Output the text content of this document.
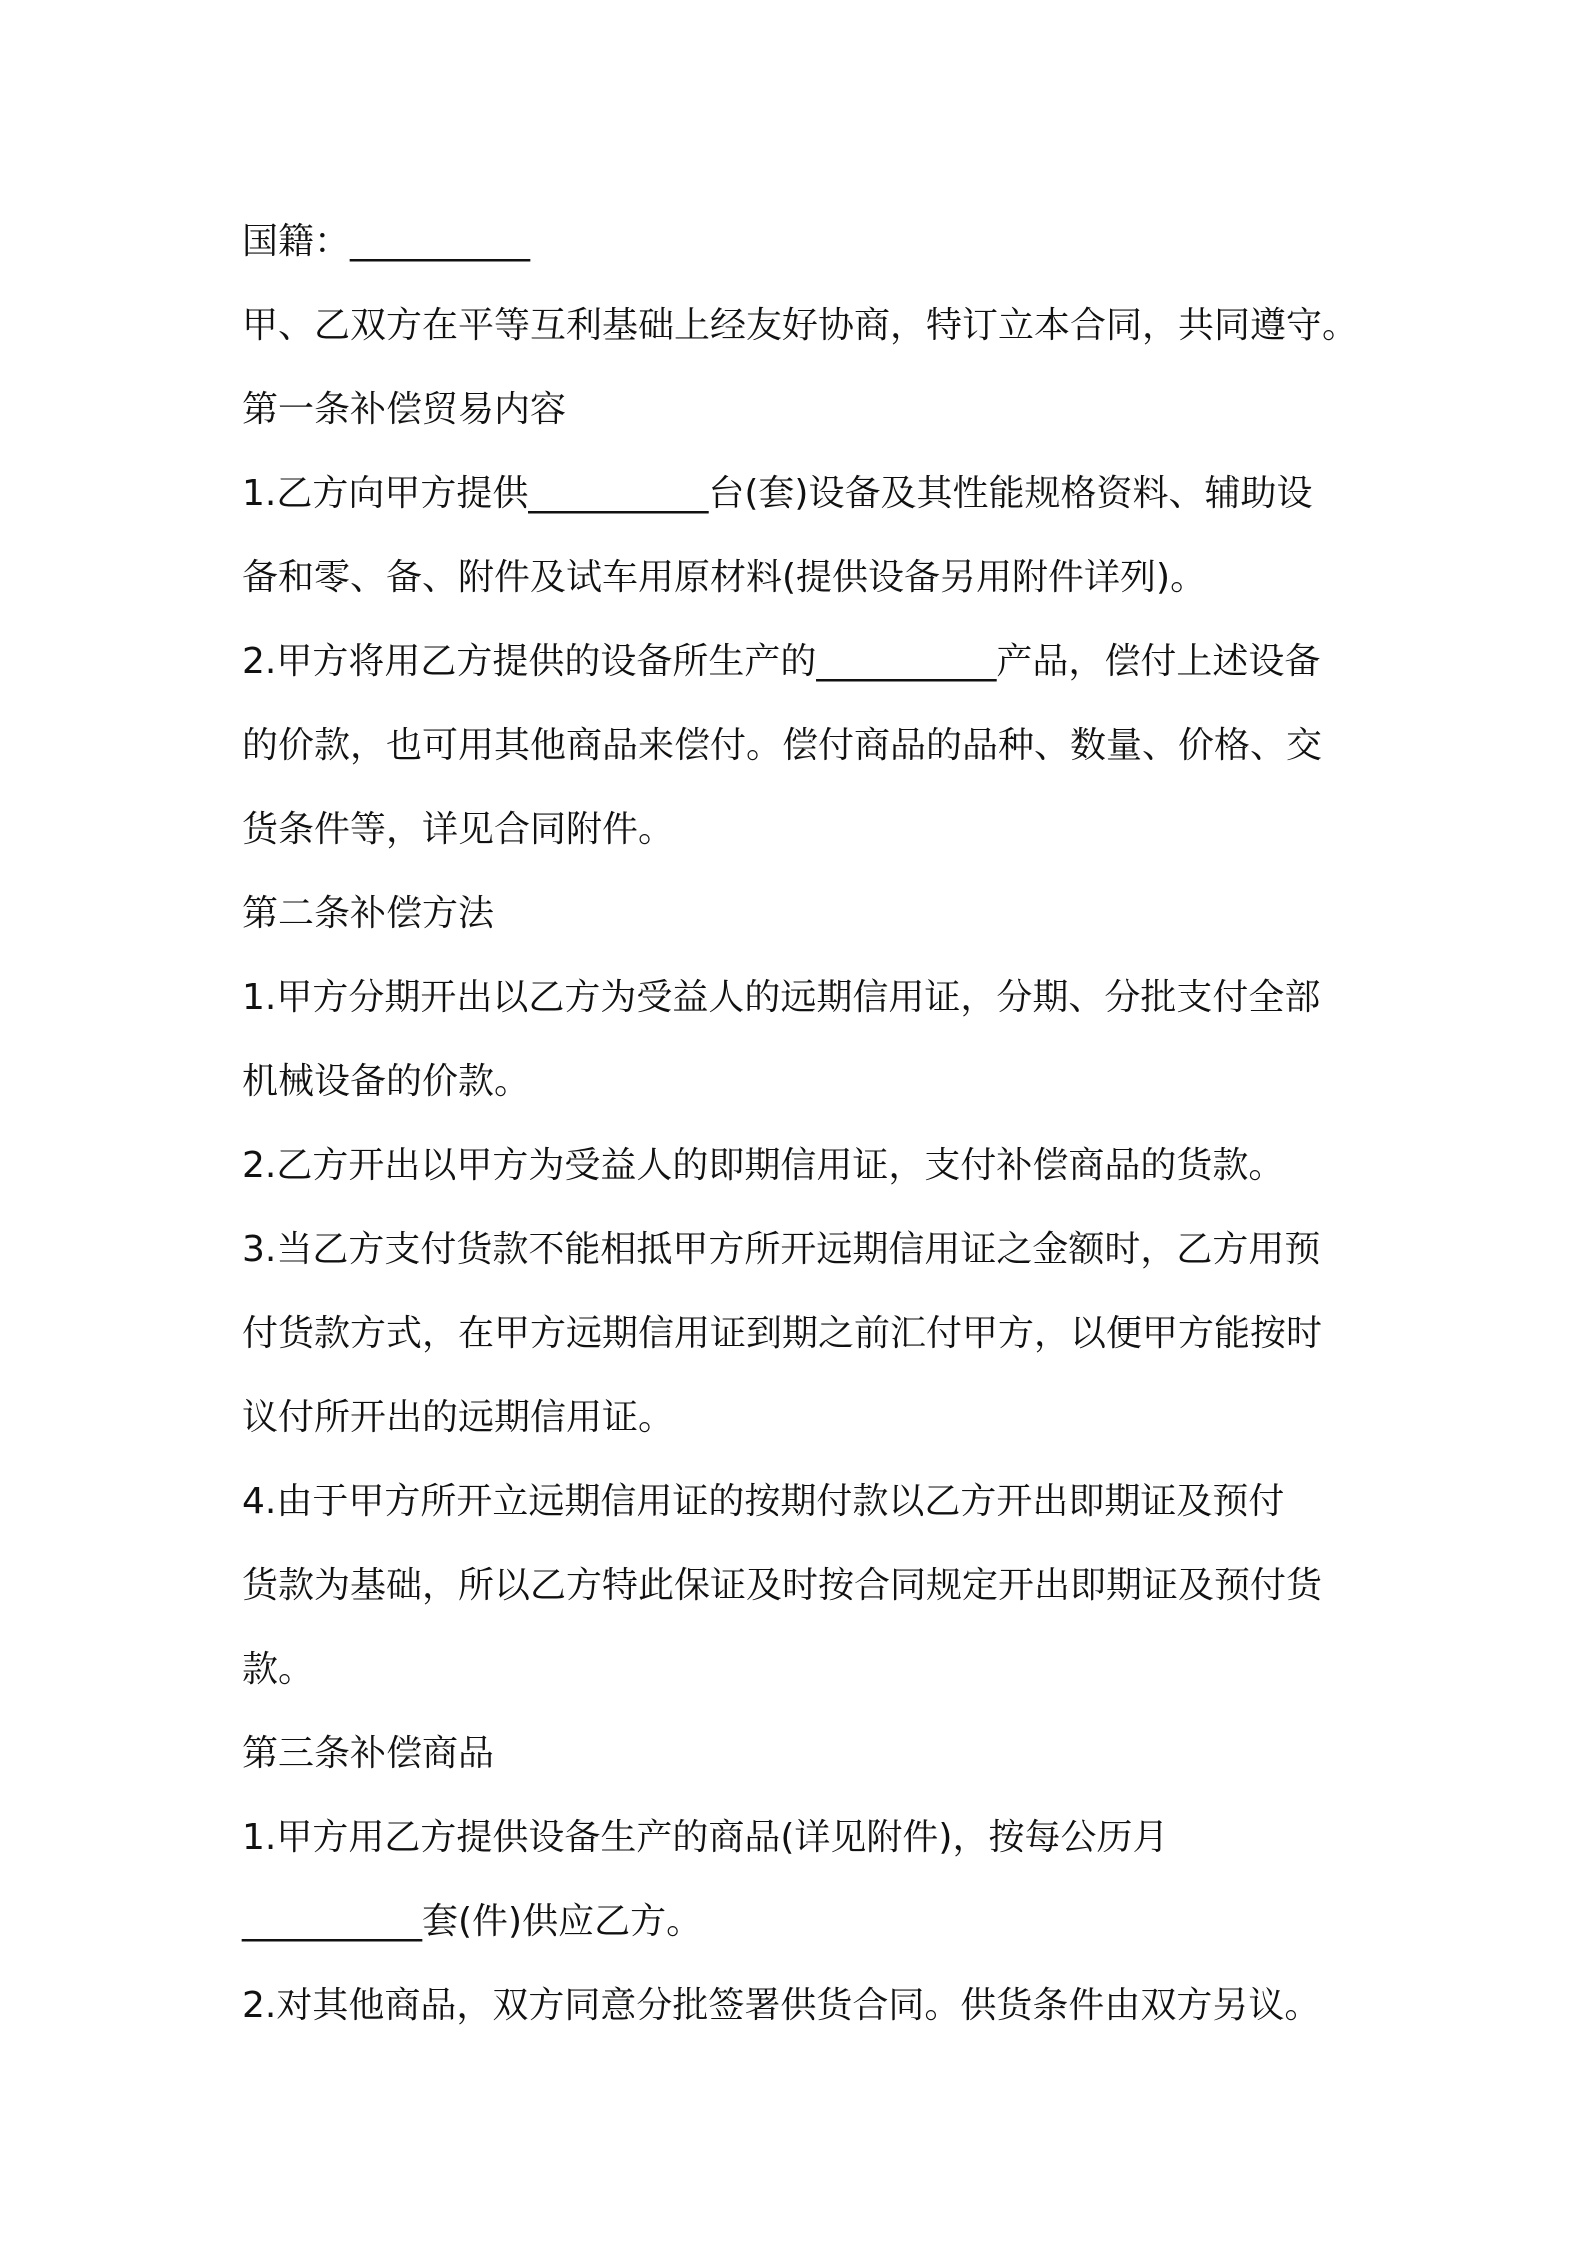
国籍：__________
甲、乙双方在平等互利基础上经友好协商，特订立本合同，共同遵守。
第一条补偿贸易内容
1.乙方向甲方提供__________台(套)设备及其性能规格资料、辅助设
备和零、备、附件及试车用原材料(提供设备另用附件详列)。
2.甲方将用乙方提供的设备所生产的__________产品，偿付上述设备
的价款，也可用其他商品来偿付。偿付商品的品种、数量、价格、交
货条件等，详见合同附件。
第二条补偿方法
1.甲方分期开出以乙方为受益人的远期信用证，分期、分批支付全部
机械设备的价款。
2.乙方开出以甲方为受益人的即期信用证，支付补偿商品的货款。
3.当乙方支付货款不能相抵甲方所开远期信用证之金额时，乙方用预
付货款方式，在甲方远期信用证到期之前汇付甲方，以便甲方能按时
议付所开出的远期信用证。
4.由于甲方所开立远期信用证的按期付款以乙方开出即期证及预付
货款为基础，所以乙方特此保证及时按合同规定开出即期证及预付货
款。
第三条补偿商品
1.甲方用乙方提供设备生产的商品(详见附件)，按每公历月
__________套(件)供应乙方。
2.对其他商品，双方同意分批签署供货合同。供货条件由双方另议。
